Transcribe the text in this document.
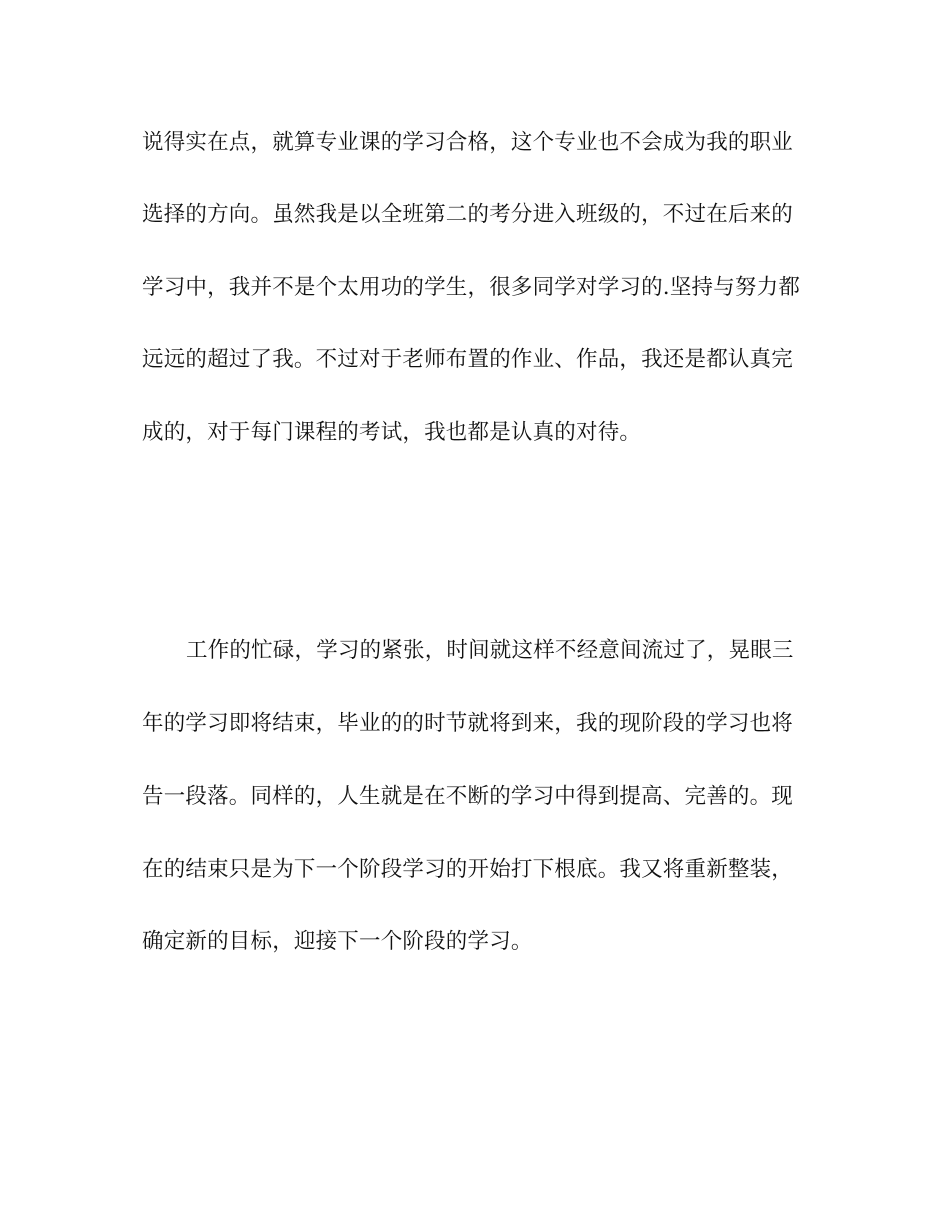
说得实在点，就算专业课的学习合格，这个专业也不会成为我的职业
选择的方向。虽然我是以全班第二的考分进入班级的，不过在后来的
学习中，我并不是个太用功的学生，很多同学对学习的.坚持与努力都
远远的超过了我。不过对于老师布置的作业、作品，我还是都认真完
成的，对于每门课程的考试，我也都是认真的对待。
工作的忙碌，学习的紧张，时间就这样不经意间流过了，晃眼三
年的学习即将结束，毕业的的时节就将到来，我的现阶段的学习也将
告一段落。同样的，人生就是在不断的学习中得到提高、完善的。现
在的结束只是为下一个阶段学习的开始打下根底。我又将重新整装，
确定新的目标，迎接下一个阶段的学习。
